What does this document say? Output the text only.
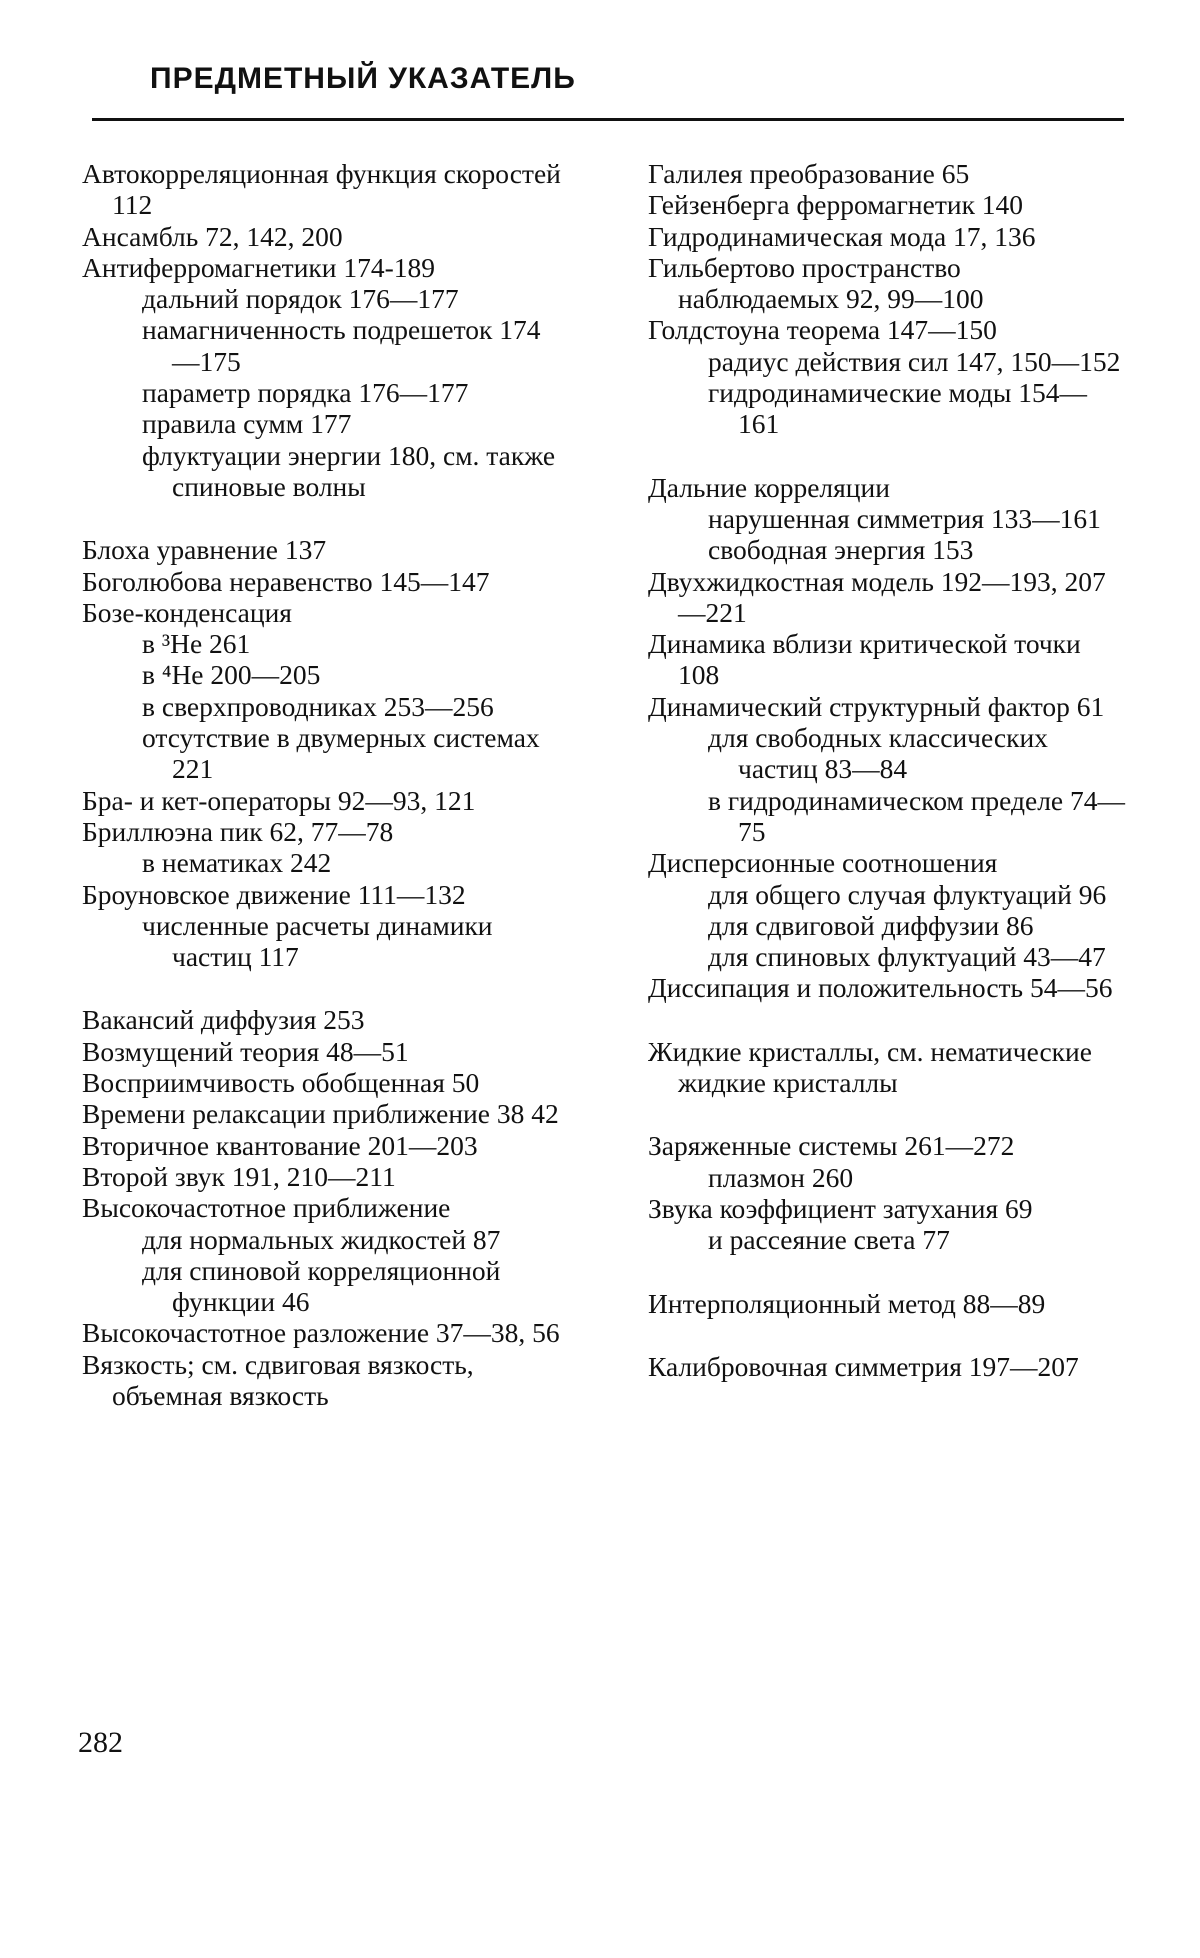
ПРЕДМЕТНЫЙ УКАЗАТЕЛЬ

Автокорреляционная функция скоростей 112

Ансамбль 72, 142, 200

Антиферромагнетики 174-189

дальний порядок 176—177

намагниченность подрешеток 174—175

параметр порядка 176—177

правила сумм 177

флуктуации энергии 180, см. также спиновые волны

Блоха уравнение 137

Боголюбова неравенство 145—147

Бозе-конденсация

в ³He 261

в ⁴He 200—205

в сверхпроводниках 253—256

отсутствие в двумерных системах 221

Бра- и кет-операторы 92—93, 121

Бриллюэна пик 62, 77—78

в нематиках 242

Броуновское движение 111—132

численные расчеты динамики частиц 117

Вакансий диффузия 253

Возмущений теория 48—51

Восприимчивость обобщенная 50

Времени релаксации приближение 38 42

Вторичное квантование 201—203

Второй звук 191, 210—211

Высокочастотное приближение

для нормальных жидкостей 87

для спиновой корреляционной функции 46

Высокочастотное разложение 37—38, 56

Вязкость; см. сдвиговая вязкость, объемная вязкость

Галилея преобразование 65

Гейзенберга ферромагнетик 140

Гидродинамическая мода 17, 136

Гильбертово пространство наблюдаемых 92, 99—100

Голдстоуна теорема 147—150

радиус действия сил 147, 150—152

гидродинамические моды 154—161

Дальние корреляции

нарушенная симметрия 133—161

свободная энергия 153

Двухжидкостная модель 192—193, 207—221

Динамика вблизи критической точки 108

Динамический структурный фактор 61

для свободных классических частиц 83—84

в гидродинамическом пределе 74—75

Дисперсионные соотношения

для общего случая флуктуаций 96

для сдвиговой диффузии 86

для спиновых флуктуаций 43—47

Диссипация и положительность 54—56

Жидкие кристаллы, см. нематические жидкие кристаллы

Заряженные системы 261—272

плазмон 260

Звука коэффициент затухания 69

и рассеяние света 77

Интерполяционный метод 88—89

Калибровочная симметрия 197—207

282
